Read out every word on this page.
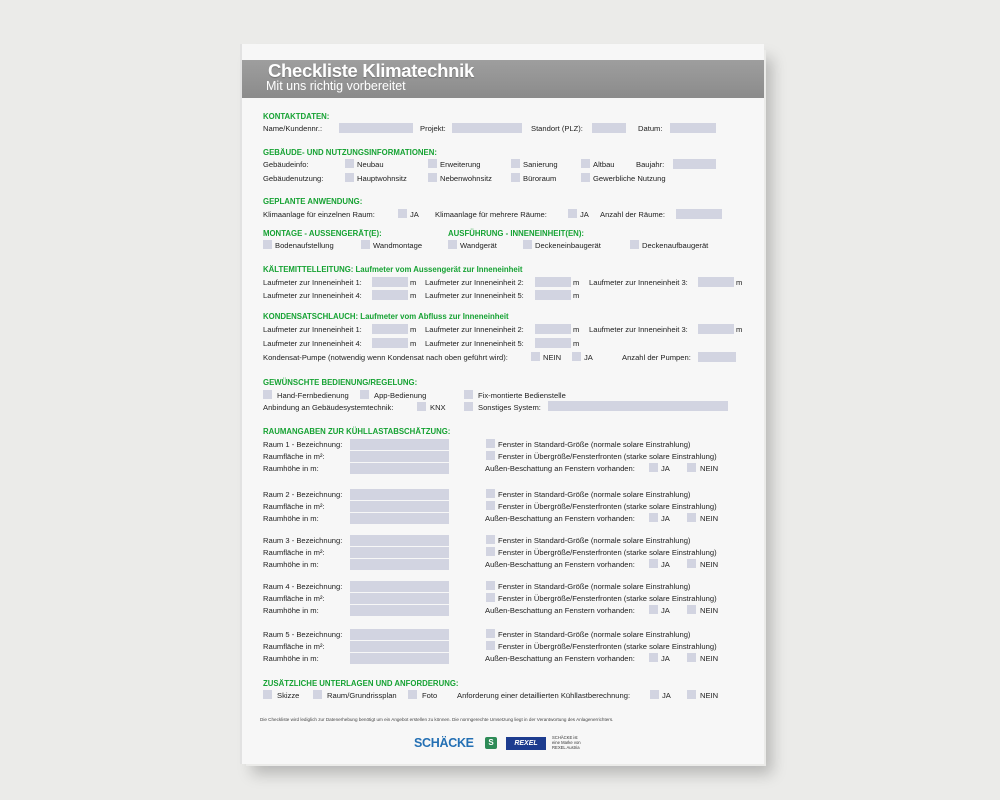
Checkliste Klimatechnik
Mit uns richtig vorbereitet
KONTAKTDATEN:
Name/Kundennr.:	Projekt:	Standort (PLZ):	Datum:
GEBÄUDE- UND NUTZUNGSINFORMATIONEN:
Gebäudeinfo:	Neubau	Erweiterung	Sanierung	Altbau	Baujahr:
Gebäudenutzung:	Hauptwohnsitz	Nebenwohnsitz	Büroraum	Gewerbliche Nutzung
GEPLANTE ANWENDUNG:
Klimaanlage für einzelnen Raum:	JA Klimaanlage für mehrere Räume:	JA Anzahl der Räume:
MONTAGE - AUSSENGERÄT(E):
Bodenaufstellung	Wandmontage
AUSFÜHRUNG - INNENEINHEIT(EN):
Wandgerät	Deckeneinbaugerät	Deckenaufbaugerät
KÄLTEMITTELLEITUNG: Laufmeter vom Aussengerät zur Inneneinheit
Laufmeter zur Inneneinheit 1:	m Laufmeter zur Inneneinheit 2:	m Laufmeter zur Inneneinheit 3:	m
Laufmeter zur Inneneinheit 4:	m Laufmeter zur Inneneinheit 5:	m
KONDENSATSCHLAUCH: Laufmeter vom Abfluss zur Inneneinheit
Laufmeter zur Inneneinheit 1:	m Laufmeter zur Inneneinheit 2:	m Laufmeter zur Inneneinheit 3:	m
Laufmeter zur Inneneinheit 4:	m Laufmeter zur Inneneinheit 5:	m
Kondensat-Pumpe (notwendig wenn Kondensat nach oben geführt wird):	NEIN	JA	Anzahl der Pumpen:
GEWÜNSCHTE BEDIENUNG/REGELUNG:
Hand-Fernbedienung	App-Bedienung	Fix-montierte Bedienstelle
Anbindung an Gebäudesystemtechnik:	KNX	Sonstiges System:
RAUMANGABEN ZUR KÜHLLASTABSCHÄTZUNG:
Raum 1 - Bezeichnung:
Raumfläche in m²:
Raumhöhe in m:
Fenster in Standard-Größe (normale solare Einstrahlung)
Fenster in Übergröße/Fensterfronten (starke solare Einstrahlung)
Außen-Beschattung an Fenstern vorhanden:	JA	NEIN
Raum 2 - Bezeichnung:
Raumfläche in m²:
Raumhöhe in m:
Fenster in Standard-Größe (normale solare Einstrahlung)
Fenster in Übergröße/Fensterfronten (starke solare Einstrahlung)
Außen-Beschattung an Fenstern vorhanden:	JA	NEIN
Raum 3 - Bezeichnung:
Raumfläche in m²:
Raumhöhe in m:
Fenster in Standard-Größe (normale solare Einstrahlung)
Fenster in Übergröße/Fensterfronten (starke solare Einstrahlung)
Außen-Beschattung an Fenstern vorhanden:	JA	NEIN
Raum 4 - Bezeichnung:
Raumfläche in m²:
Raumhöhe in m:
Fenster in Standard-Größe (normale solare Einstrahlung)
Fenster in Übergröße/Fensterfronten (starke solare Einstrahlung)
Außen-Beschattung an Fenstern vorhanden:	JA	NEIN
Raum 5 - Bezeichnung:
Raumfläche in m²:
Raumhöhe in m:
Fenster in Standard-Größe (normale solare Einstrahlung)
Fenster in Übergröße/Fensterfronten (starke solare Einstrahlung)
Außen-Beschattung an Fenstern vorhanden:	JA	NEIN
ZUSÄTZLICHE UNTERLAGEN UND ANFORDERUNG:
Skizze	Raum/Grundrissplan	Foto	Anforderung einer detaillierten Kühllastberechnung:	JA	NEIN
Die Checkliste wird lediglich zur Datenerhebung benötigt um ein Angebot erstellen zu können. Die normgerechte Umsetzung liegt in der Verantwortung des Anlagenerrichters.
SCHÄCKE	S	REXEL
SCHÄCKE ist
eine Marke von
REXEL Austria
